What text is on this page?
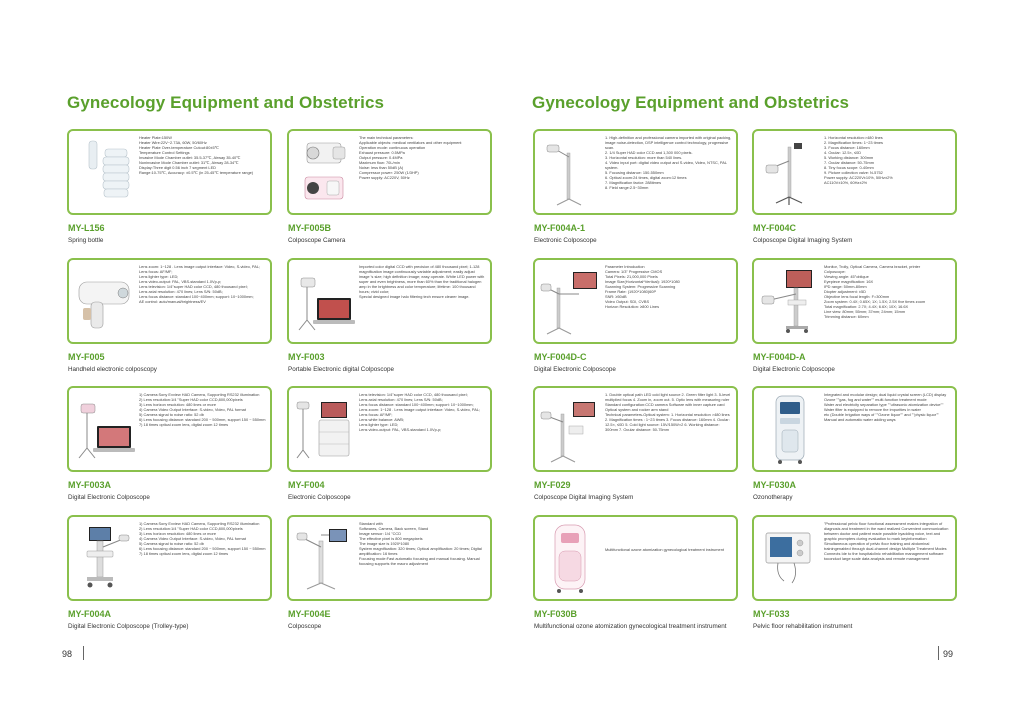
Gynecology Equipment and Obstetrics
Heater Plate:150W
Heater Wire:22V~2.73A, 60W, 50/60Hz
Heater Plate Over-temperature Cutout:80±5℃
Temperature Control Settings
Invasive Mode Chamber outlet: 35.5-37℃, Airway 35-40℃
Noninvasive Mode Chamber outlet: 31℃, Airway 28-34℃
Display:Three digit 0.56 inch 7 segment LED
Range:10-75℃, Accuracy: ±0.5℃ (in 25-45℃ temperature range)
MY-L156
Spring bottle
The main technical parameters:
Applicable objects: medical ventilators and other equipment
Operation mode: continuous operation
Exhaust pressure: 0.5MPa
Output pressure: 0.4MPa
Maximum flow: 70L/min
Noise: less than 50dB (A)
Compressor power: 250W (1/3HP)
Power supply: AC220V, 50Hz
MY-F005B
Colposcope Camera
Lens zoom: 1~128 . Lens image output interface: Video, S-video, PAL;
Lens focus: AF/MF;
Lens lighter type: LED;
Lens video-output: PAL, VBS-standard 1.0Vp-p;
Lens television: 1/4"super HAD color CCD, 480 thousand pixel;
Lens axial resolution: 470 lines; Lens S/N: 50dB;
Lens focus distance: standard 100~400mm; support: 10~1000mm;
AE control: auto/manual/brightness/EV
MY-F005
Handheld electronic colposcopy
Imported color digital CCD with precision of 480 thousand pixel; 1-128 magnification image continuously variable adjustment; easily adjust image 's size; high definition image; easy operate. White LED power with super and even brightness, more than 60% than the traditional halogen amp in the brightness and color temperature; lifetime: 100 thousand hours; vivid color;
Special designed image halo filtering tech ensure clearer image.
MY-F003
Portable Electronic digital Colposcope
1) Camera:Sony Exview HAD Camera, Supporting RS232 illumination
2) Lens resolution:1/4 "Super HAD color CCD,800,000pixels
3) Lens horizon resolution: 480 lines or more
4) Camera Video Output Interface: S-video, Video, PAL format
5) Camera signal to noise ratio: 52 db
6) Lens focusing distance: standard 200 ~ 500mm, support 150 ~ 550mm
7) 18 times optical zoom lens, digital zoom 12 times
MY-F003A
Digital Electronic Colposcope
Lens television: 1/4"super HAD color CCD, 480 thousand pixel;
Lens axial resolution: 470 lines; Lens S/N: 50dB;
Lens focus distance: standard 100~400mm; support: 10~1000mm;
Lens zoom: 1~128 . Lens image output interface: Video, S-video, PAL;
Lens focus: AF/MF;
Lens white balance: AWB;
Lens lighter type: LED;
Lens video-output: PAL, VBS-standard 1.0Vp-p;
MY-F004
Electronic Colposcope
1) Camera:Sony Exview HAD Camera, Supporting RS232 illumination
2) Lens resolution:1/4 "Super HAD color CCD,800,000pixels
3) Lens horizon resolution: 480 lines or more
4) Camera Video Output Interface: S-video, Video, PAL format
5) Camera signal to noise ratio: 52 db
6) Lens focusing distance: standard 200 ~ 500mm, support 150 ~ 550mm
7) 18 times optical zoom lens, digital zoom 12 times
MY-F004A
Digital Electronic Colposcope (Trolley-type)
Standard with
Softwares, Camera, Back screen, Stand
Image sensor: 1/4 "CCD
The effective pixel is 800 megapixels
The image size is 1920*1080
System magnification: 320 times; Optical amplification: 20 times; Digital amplification: 16 times
Focusing mode:Fast automatic focusing and manual focusing. Manual focusing supports the macro adjustment
MY-F004E
Colposcope
98
Gynecology Equipment and Obstetrics
1. High-definition and professional camera imported with original packing, image noise-detection, DSP intelligence control technology, progressive scan.
2. 1/4 Super HAD color CCD and 1,300 000 pixels.
3. Horizontal resolution: more than 540 lines.
4. Video input port: digital video output and S-video, Video, NTSC, PAL system.
5. Focusing distance: 150-550mm
6. Optical zoom:24 times, digital zoom:12 times
7. Magnification factor: 288times
8. Field range:2.5~30mm
MY-F004A-1
Electronic Colposcope
1. Horizontal resolution:>480 lines
2. Magnification times: 1~23 times
3. Focus distance: 160mm
4. Ocular: 12.5×, ≤0D
5. Working distance: 300mm
7. Ocular distance: 50-75mm
8. Tiny focus scope: 0-40mm
9. Picture collection valve: N-5752
Power supply: AC220V±10%, 50Hz±2%
AC110V±10%, 60Hz±2%
MY-F004C
Colposcope Digital Imaging System
Parameter Introduction
Camera: 1/3" Progressive CMOS
Total Pixels: 21,000,000 Pixels
Image Size(Horizontal*Vertical): 1920*1080
Scanning System: Progressive Scanning
Frame Rate: (1920*1080)60P
SNR: ≥50dB
Video Output: SDI, CVBS
Horizon Resolution: ≥800 Lines
MY-F004D-C
Digital Electronic Colposcope
Monitor, Trolly, Optical Camera, Camera bracket, printer
Colposcope:
Viewing angle: 45°oblique
Eyepiece magnification: 16X
IPD range: 50mm-80mm
Diopter adjustment: ±5D
Objective lens focal length: F=300mm
Zoom system: 0.4X; 0.65X; 1X; 1.5X; 2.5X five times zoom
Total magnification: 2.7X; 4.4X; 6.6X; 10X; 16.6X
Line view: 80mm; 55mm; 37mm; 24mm; 15mm
Trimming distance: 60mm
MY-F004D-A
Digital Electronic Colposcope
1. Double optical path LED cold light source 2. Green filter light 3. 5-level multiplied focus 4. Zoom in, zoom out. 5. Optic lens with measuring ruler
Standard configuration:CCD camera Software with inner capture card Optical system and rocker arm stand
Technical parameters-Optical system: 1. Horizontal resolution >480 lines 2. Magnification times : 1~23 times 3. Focus distance: 160mm 4. Ocular: 12.5×, ≤0D 5. Cold light source: 15V/150W×2 6. Working distance: 300mm 7. Ocular distance: 50-75mm
MY-F029
Colposcope Digital Imaging System
Integrated and modular design; dual liquid crystal screen (LCD) display
Ozone ""gas, fog and water"" multi-function treatment mode
Water and electricity separation type ""ultrasonic atomization device""
Water filter is equipped to remove the impurities in water
etc (Double Irrigation ways of ""Ozone liquor"" and ""physic liquor""
Manual and automatic water adding ways
MY-F030A
Ozonotherapy
Multifunctional ozone atomization gynecological treatment instrument
MY-F030B
Multifunctional ozone atomization gynecological treatment instrument
"Professional pelvic floor functional assessment makes integration of diagnosis and treatment in the ward realized Convenient communication between doctor and patient made possible byadding voice, text and graphic prompters during evaluation to mark keyinformation Simultaneous operation of pelvic floor training and abdominal trainingenabled through dual-channel design Multiple Treatment Modes Connects Ide to the hospitalclinic rehabilitation management software toconduct large scale data analysis and remote management
MY-F033
Pelvic floor rehabilitation instrument
99
